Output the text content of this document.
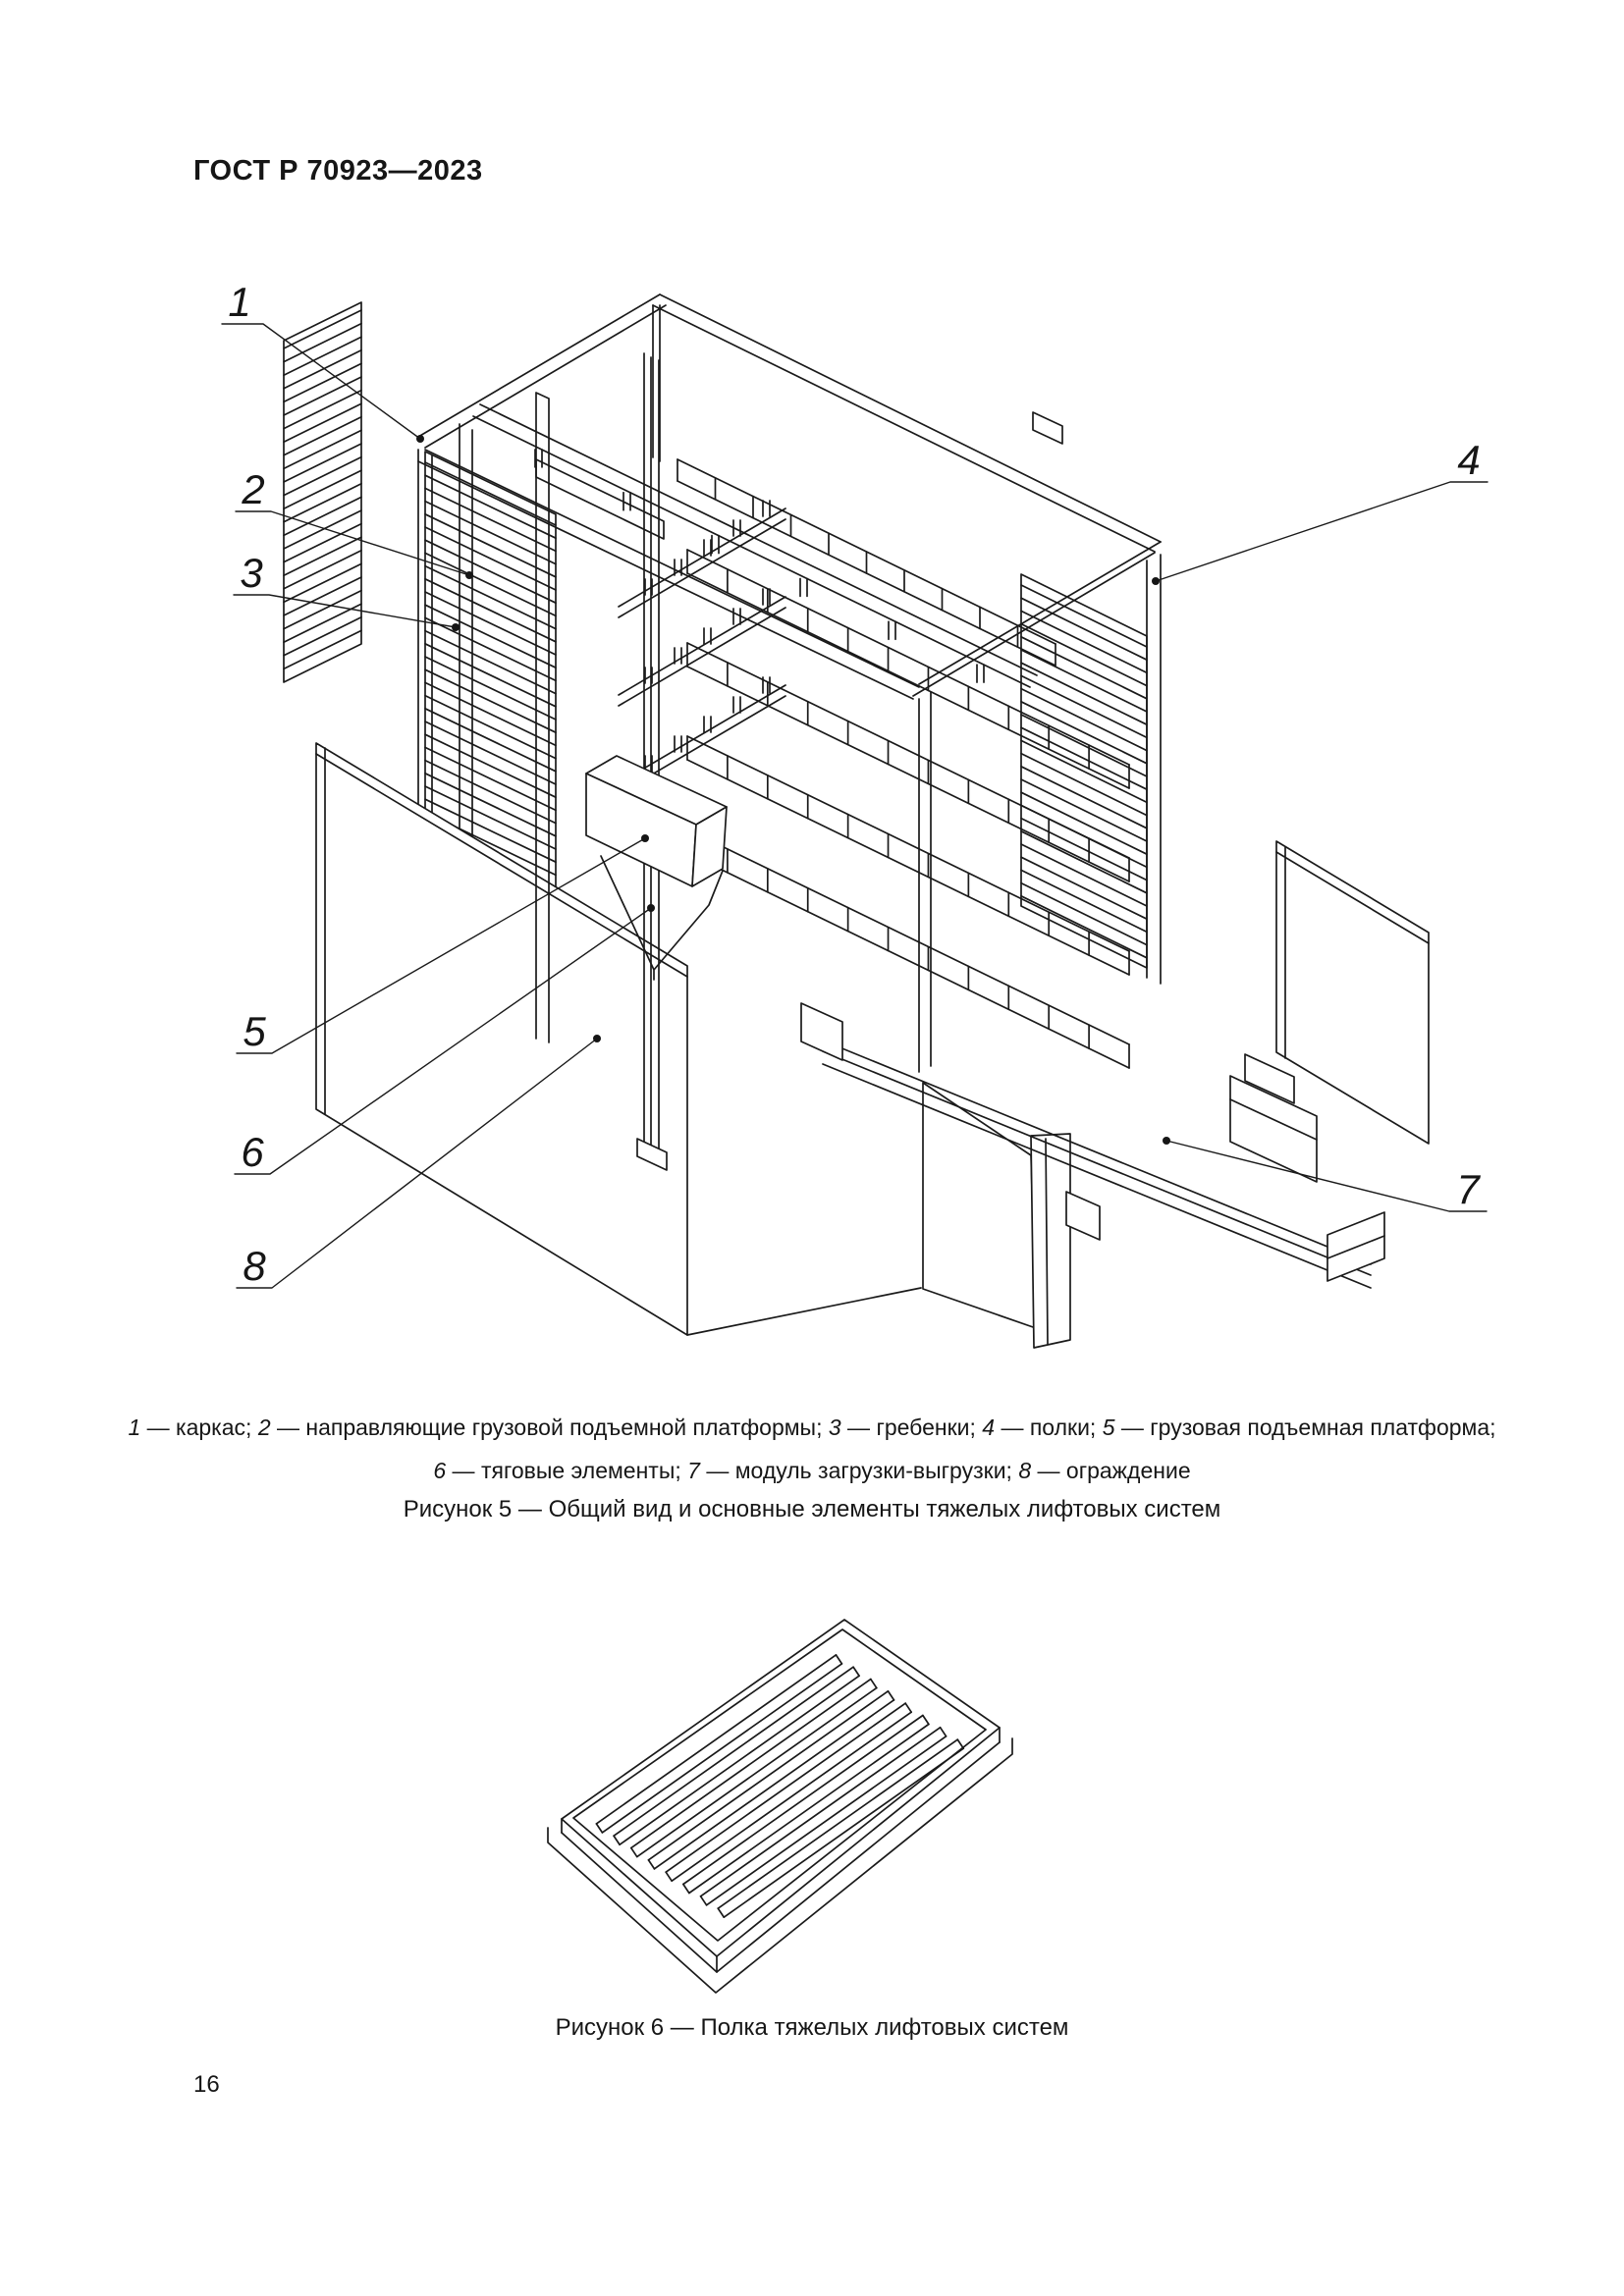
ГОСТ Р 70923—2023
1
2
3
4
5
6
7
8
1 — каркас; 2 — направляющие грузовой подъемной платформы; 3 — гребенки; 4 — полки; 5 — грузовая подъемная платформа;
6 — тяговые элементы; 7 — модуль загрузки-выгрузки; 8 — ограждение
Рисунок 5 — Общий вид и основные элементы тяжелых лифтовых систем
Рисунок 6 — Полка тяжелых лифтовых систем
16
